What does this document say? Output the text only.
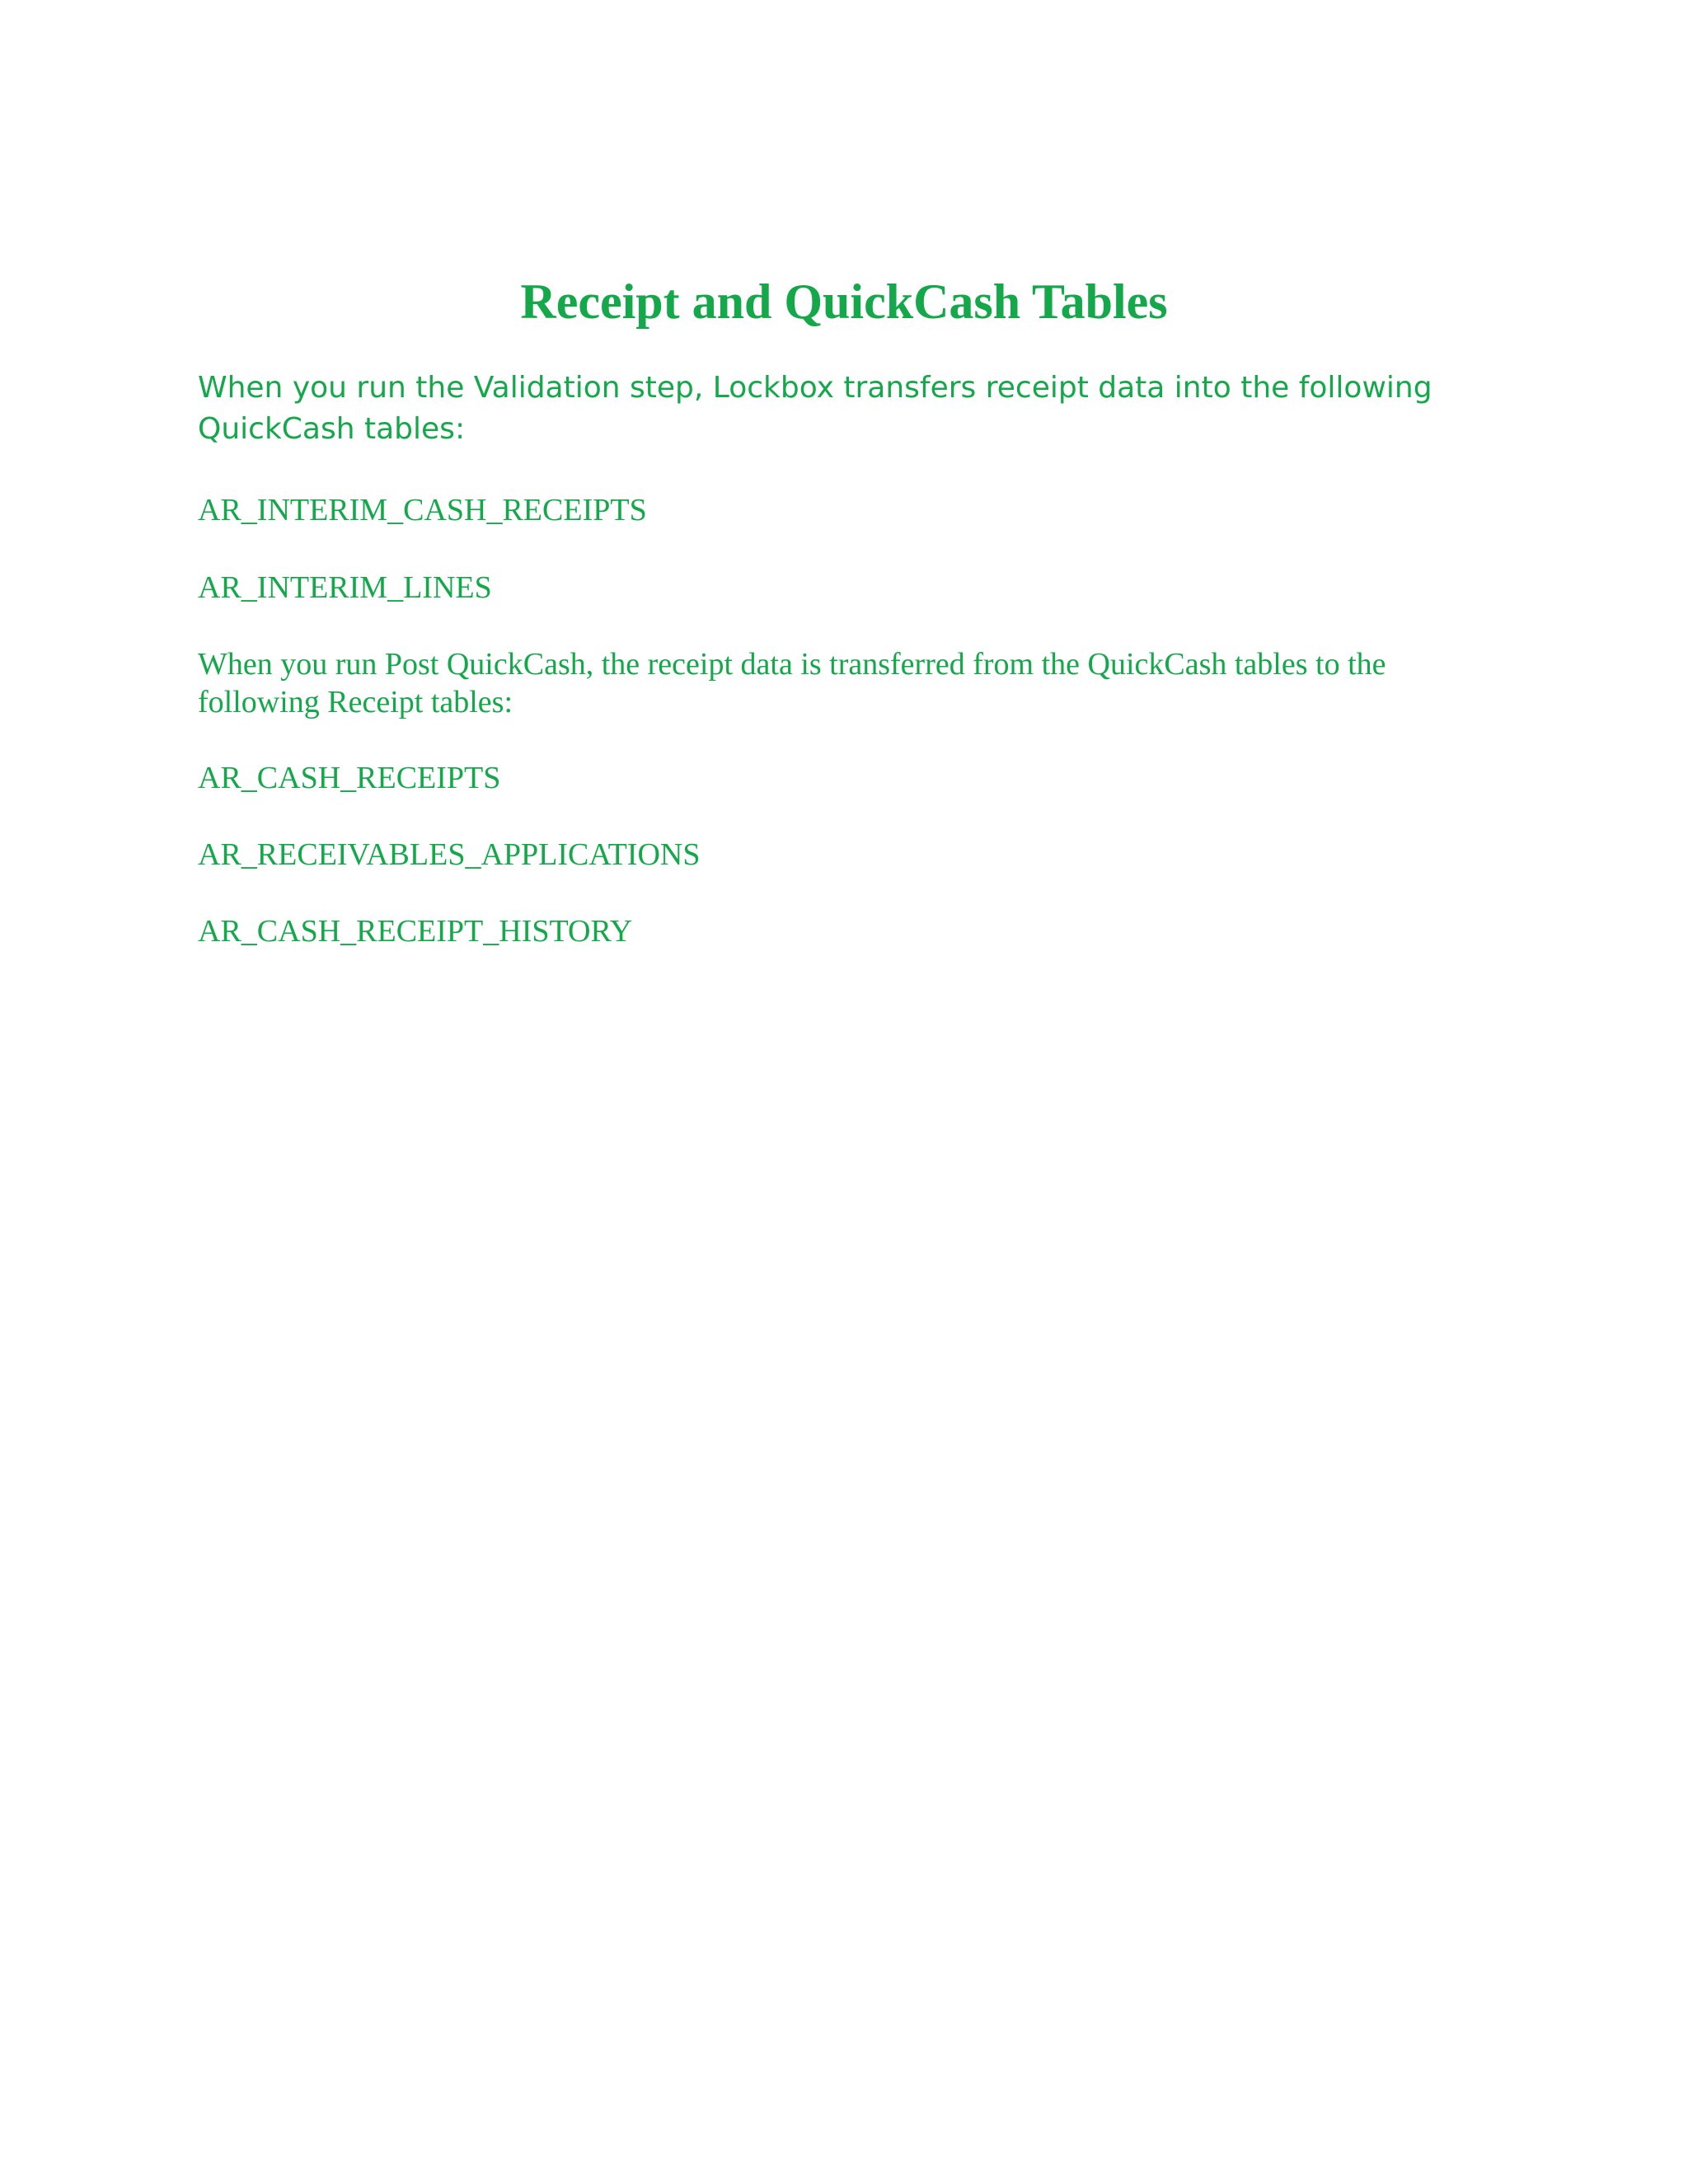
Receipt and QuickCash Tables

When you run the Validation step, Lockbox transfers receipt data into the following QuickCash tables:

AR_INTERIM_CASH_RECEIPTS

AR_INTERIM_LINES

When you run Post QuickCash, the receipt data is transferred from the QuickCash tables to the following Receipt tables:

AR_CASH_RECEIPTS

AR_RECEIVABLES_APPLICATIONS

AR_CASH_RECEIPT_HISTORY
